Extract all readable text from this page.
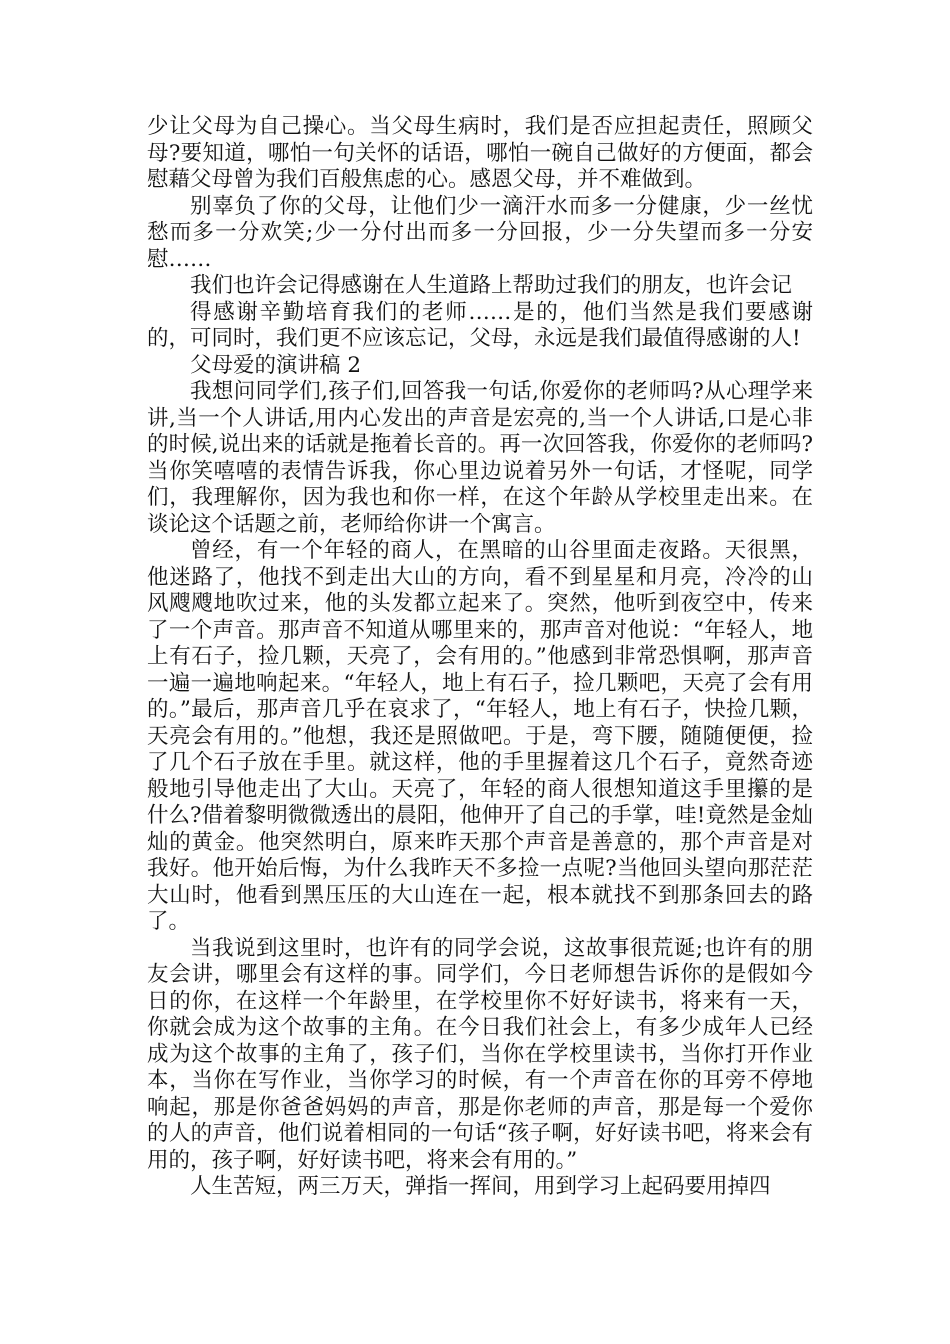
少让父母为自己操心。当父母生病时，我们是否应担起责任，照顾父母?要知道，哪怕一句关怀的话语，哪怕一碗自己做好的方便面，都会慰藉父母曾为我们百般焦虑的心。感恩父母，并不难做到。

别辜负了你的父母，让他们少一滴汗水而多一分健康，少一丝忧愁而多一分欢笑;少一分付出而多一分回报，少一分失望而多一分安慰……

我们也许会记得感谢在人生道路上帮助过我们的朋友，也许会记

得感谢辛勤培育我们的老师……是的，他们当然是我们要感谢的，可同时，我们更不应该忘记，父母，永远是我们最值得感谢的人!

父母爱的演讲稿 2

我想问同学们,孩子们,回答我一句话,你爱你的老师吗?从心理学来讲,当一个人讲话,用内心发出的声音是宏亮的,当一个人讲话,口是心非的时候,说出来的话就是拖着长音的。再一次回答我，你爱你的老师吗?当你笑嘻嘻的表情告诉我，你心里边说着另外一句话，才怪呢，同学们，我理解你，因为我也和你一样，在这个年龄从学校里走出来。在谈论这个话题之前，老师给你讲一个寓言。

曾经，有一个年轻的商人，在黑暗的山谷里面走夜路。天很黑，他迷路了，他找不到走出大山的方向，看不到星星和月亮，冷冷的山风飕飕地吹过来，他的头发都立起来了。突然，他听到夜空中，传来了一个声音。那声音不知道从哪里来的，那声音对他说：“年轻人，地上有石子，捡几颗，天亮了，会有用的。”他感到非常恐惧啊，那声音一遍一遍地响起来。“年轻人，地上有石子，捡几颗吧，天亮了会有用的。”最后，那声音几乎在哀求了，“年轻人，地上有石子，快捡几颗，天亮会有用的。”他想，我还是照做吧。于是，弯下腰，随随便便，捡了几个石子放在手里。就这样，他的手里握着这几个石子，竟然奇迹般地引导他走出了大山。天亮了，年轻的商人很想知道这手里攥的是什么?借着黎明微微透出的晨阳，他伸开了自己的手掌，哇!竟然是金灿灿的黄金。他突然明白，原来昨天那个声音是善意的，那个声音是对我好。他开始后悔，为什么我昨天不多捡一点呢?当他回头望向那茫茫大山时，他看到黑压压的大山连在一起，根本就找不到那条回去的路了。

当我说到这里时，也许有的同学会说，这故事很荒诞;也许有的朋友会讲，哪里会有这样的事。同学们，今日老师想告诉你的是假如今日的你，在这样一个年龄里，在学校里你不好好读书，将来有一天，你就会成为这个故事的主角。在今日我们社会上，有多少成年人已经成为这个故事的主角了，孩子们，当你在学校里读书，当你打开作业本，当你在写作业，当你学习的时候，有一个声音在你的耳旁不停地响起，那是你爸爸妈妈的声音，那是你老师的声音，那是每一个爱你的人的声音，他们说着相同的一句话“孩子啊，好好读书吧，将来会有用的，孩子啊，好好读书吧，将来会有用的。”

人生苦短，两三万天，弹指一挥间，用到学习上起码要用掉四
